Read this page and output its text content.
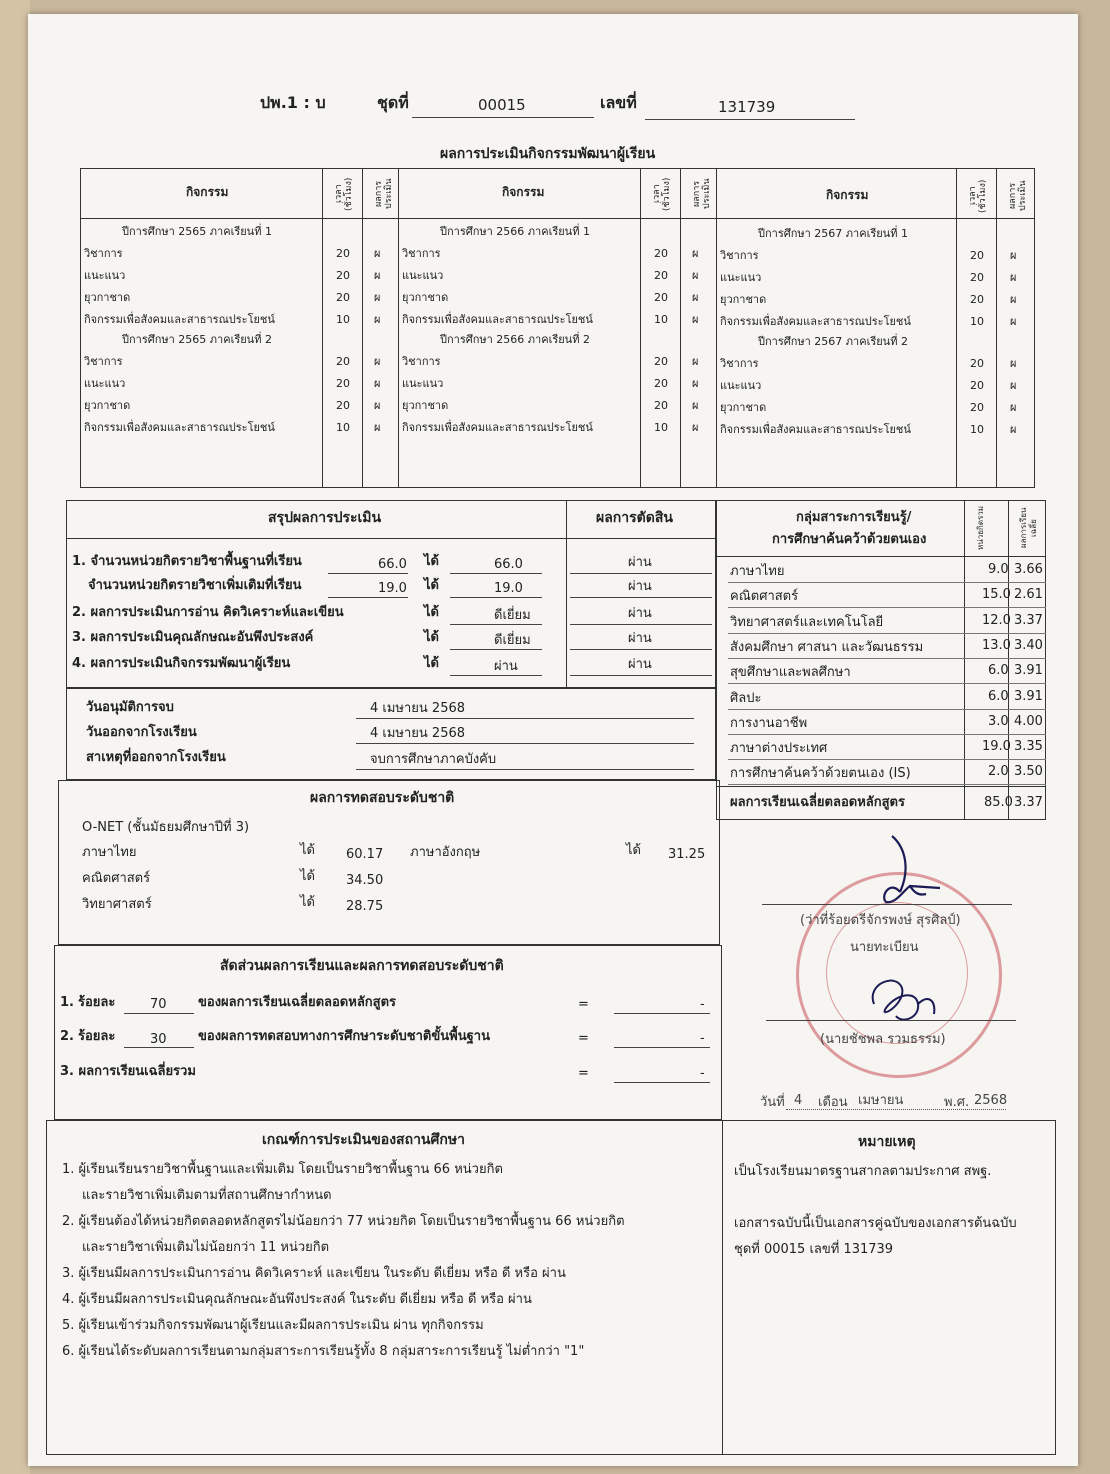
ปพ.1 : บ	ชุดที่	00015	เลขที่	131739
ผลการประเมินกิจกรรมพัฒนาผู้เรียน
กิจกรรม	เวลา (ชั่วโมง) ผลการประเมิน	กิจกรรม	เวลา (ชั่วโมง) ผลการประเมิน	กิจกรรม	เวลา (ชั่วโมง) ผลการประเมิน
ปีการศึกษา 2565 ภาคเรียนที่ 1
วิชาการ	20 ผ
แนะแนว	20 ผ
ยุวกาชาด	20 ผ
กิจกรรมเพื่อสังคมและสาธารณประโยชน์	10 ผ
ปีการศึกษา 2565 ภาคเรียนที่ 2
วิชาการ	20 ผ
แนะแนว	20 ผ
ยุวกาชาด	20 ผ
กิจกรรมเพื่อสังคมและสาธารณประโยชน์	10 ผ
ปีการศึกษา 2566 ภาคเรียนที่ 1
วิชาการ	20 ผ
แนะแนว	20 ผ
ยุวกาชาด	20 ผ
กิจกรรมเพื่อสังคมและสาธารณประโยชน์	10 ผ
ปีการศึกษา 2566 ภาคเรียนที่ 2
วิชาการ	20 ผ
แนะแนว	20 ผ
ยุวกาชาด	20 ผ
กิจกรรมเพื่อสังคมและสาธารณประโยชน์	10 ผ
ปีการศึกษา 2567 ภาคเรียนที่ 1
วิชาการ	20 ผ
แนะแนว	20 ผ
ยุวกาชาด	20 ผ
กิจกรรมเพื่อสังคมและสาธารณประโยชน์	10 ผ
ปีการศึกษา 2567 ภาคเรียนที่ 2
วิชาการ	20 ผ
แนะแนว	20 ผ
ยุวกาชาด	20 ผ
กิจกรรมเพื่อสังคมและสาธารณประโยชน์	10 ผ
สรุปผลการประเมิน	ผลการตัดสิน
1. จำนวนหน่วยกิตรายวิชาพื้นฐานที่เรียน	66.0 ได้	66.0	ผ่าน
จำนวนหน่วยกิตรายวิชาเพิ่มเติมที่เรียน	19.0 ได้	19.0	ผ่าน
2. ผลการประเมินการอ่าน คิดวิเคราะห์และเขียน	ได้	ดีเยี่ยม	ผ่าน
3. ผลการประเมินคุณลักษณะอันพึงประสงค์	ได้	ดีเยี่ยม	ผ่าน
4. ผลการประเมินกิจกรรมพัฒนาผู้เรียน	ได้	ผ่าน	ผ่าน
วันอนุมัติการจบ	4 เมษายน 2568
วันออกจากโรงเรียน	4 เมษายน 2568
สาเหตุที่ออกจากโรงเรียน	จบการศึกษาภาคบังคับ
กลุ่มสาระการเรียนรู้/
การศึกษาค้นคว้าด้วยตนเอง	หน่วยกิตรวม	ผลการเรียนเฉลี่ย
ภาษาไทย	9.0 3.66
คณิตศาสตร์	15.0 2.61
วิทยาศาสตร์และเทคโนโลยี	12.0 3.37
สังคมศึกษา ศาสนา และวัฒนธรรม	13.0 3.40
สุขศึกษาและพลศึกษา	6.0 3.91
ศิลปะ	6.0 3.91
การงานอาชีพ	3.0 4.00
ภาษาต่างประเทศ	19.0 3.35
การศึกษาค้นคว้าด้วยตนเอง (IS)	2.0 3.50
ผลการเรียนเฉลี่ยตลอดหลักสูตร	85.0 3.37
ผลการทดสอบระดับชาติ
O-NET (ชั้นมัธยมศึกษาปีที่ 3)
ภาษาไทย	ได้ 60.17
คณิตศาสตร์	ได้ 34.50
วิทยาศาสตร์	ได้ 28.75
ภาษาอังกฤษ	ได้ 31.25
สัดส่วนผลการเรียนและผลการทดสอบระดับชาติ
1. ร้อยละ	70 ของผลการเรียนเฉลี่ยตลอดหลักสูตร	=	-
2. ร้อยละ	30 ของผลการทดสอบทางการศึกษาระดับชาติขั้นพื้นฐาน	=	-
3. ผลการเรียนเฉลี่ยรวม	=	-
(ว่าที่ร้อยตรีจักรพงษ์ สุรศิลป์)
นายทะเบียน
(นายชัชพล รวมธรรม)
วันที่ 4 เดือน เมษายน	พ.ศ. 2568
เกณฑ์การประเมินของสถานศึกษา
1. ผู้เรียนเรียนรายวิชาพื้นฐานและเพิ่มเติม โดยเป็นรายวิชาพื้นฐาน 66 หน่วยกิต
และรายวิชาเพิ่มเติมตามที่สถานศึกษากำหนด
2. ผู้เรียนต้องได้หน่วยกิตตลอดหลักสูตรไม่น้อยกว่า 77 หน่วยกิต โดยเป็นรายวิชาพื้นฐาน 66 หน่วยกิต
และรายวิชาเพิ่มเติมไม่น้อยกว่า 11 หน่วยกิต
3. ผู้เรียนมีผลการประเมินการอ่าน คิดวิเคราะห์ และเขียน ในระดับ ดีเยี่ยม หรือ ดี หรือ ผ่าน
4. ผู้เรียนมีผลการประเมินคุณลักษณะอันพึงประสงค์ ในระดับ ดีเยี่ยม หรือ ดี หรือ ผ่าน
5. ผู้เรียนเข้าร่วมกิจกรรมพัฒนาผู้เรียนและมีผลการประเมิน ผ่าน ทุกกิจกรรม
6. ผู้เรียนได้ระดับผลการเรียนตามกลุ่มสาระการเรียนรู้ทั้ง 8 กลุ่มสาระการเรียนรู้ ไม่ต่ำกว่า "1"
หมายเหตุ
เป็นโรงเรียนมาตรฐานสากลตามประกาศ สพฐ.
เอกสารฉบับนี้เป็นเอกสารคู่ฉบับของเอกสารต้นฉบับ
ชุดที่ 00015 เลขที่ 131739
